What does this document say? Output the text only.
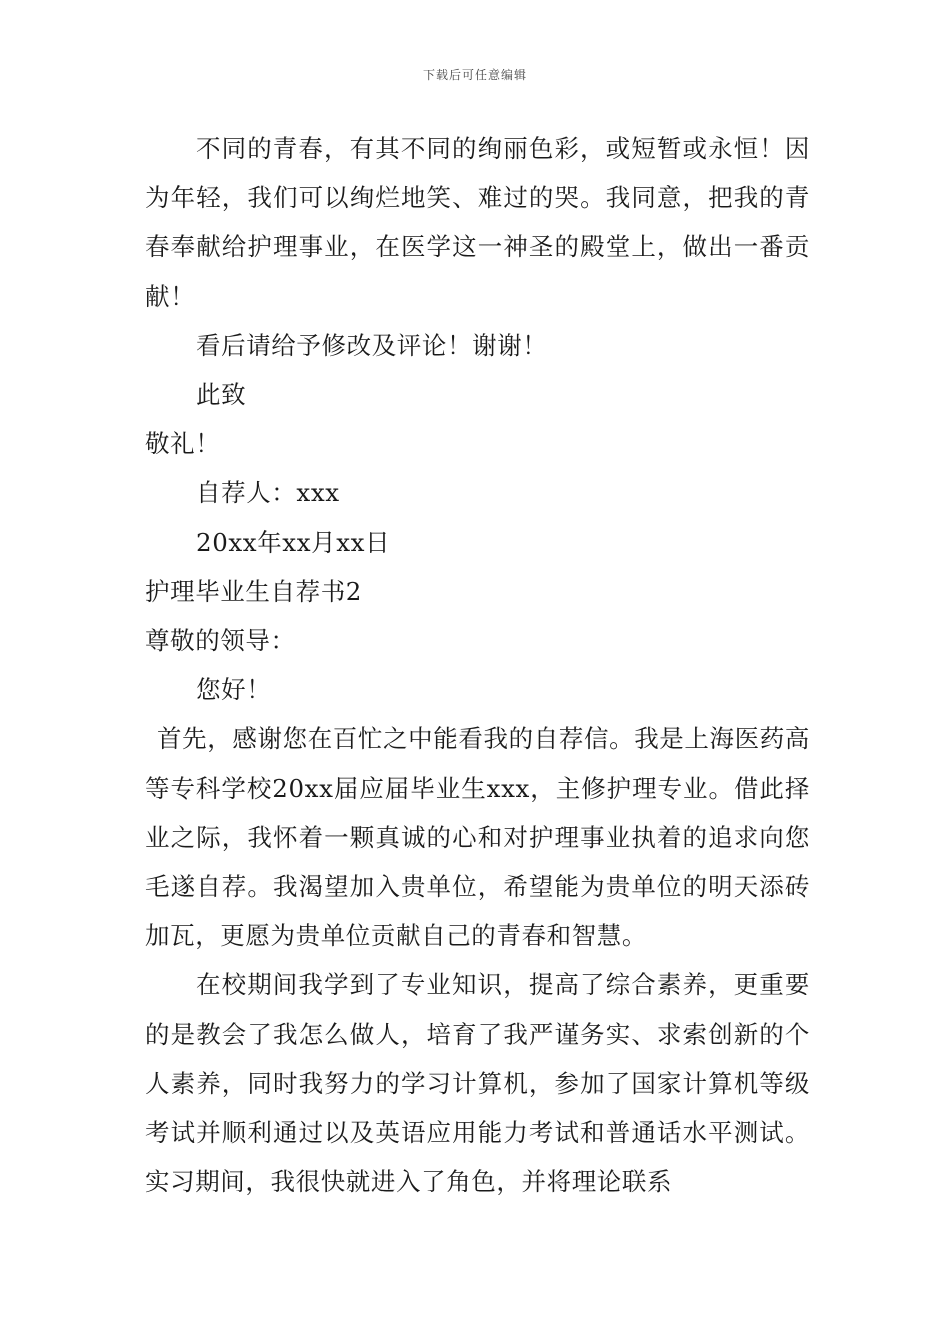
下载后可任意编辑

不同的青春，有其不同的绚丽色彩，或短暂或永恒！因为年轻，我们可以绚烂地笑、难过的哭。我同意，把我的青春奉献给护理事业，在医学这一神圣的殿堂上，做出一番贡献！

看后请给予修改及评论！谢谢！

此致

敬礼！

自荐人：xxx

20xx年xx月xx日

护理毕业生自荐书2

尊敬的领导：

您好！

首先，感谢您在百忙之中能看我的自荐信。我是上海医药高等专科学校20xx届应届毕业生xxx，主修护理专业。借此择业之际，我怀着一颗真诚的心和对护理事业执着的追求向您毛遂自荐。我渴望加入贵单位，希望能为贵单位的明天添砖加瓦，更愿为贵单位贡献自己的青春和智慧。

在校期间我学到了专业知识，提高了综合素养，更重要的是教会了我怎么做人，培育了我严谨务实、求索创新的个人素养，同时我努力的学习计算机，参加了国家计算机等级考试并顺利通过以及英语应用能力考试和普通话水平测试。 实习期间，我很快就进入了角色，并将理论联系
